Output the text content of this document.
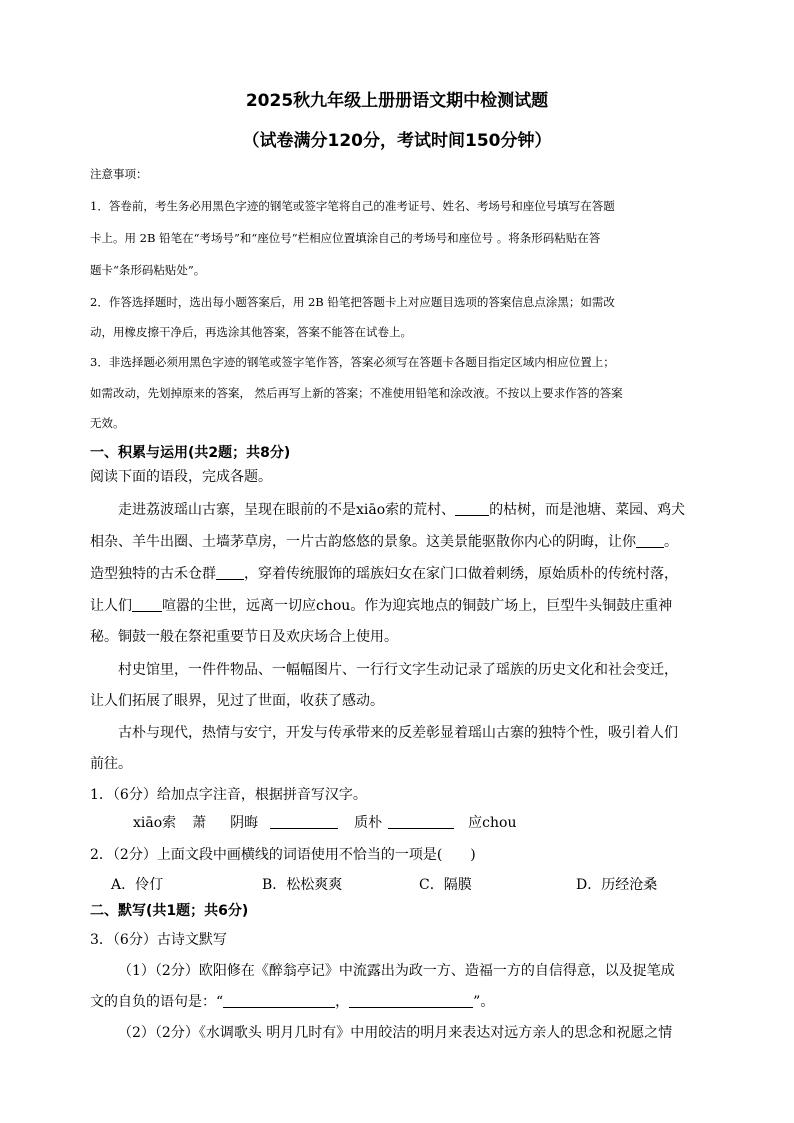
2025秋九年级上册册语文期中检测试题
（试卷满分120分，考试时间150分钟）
注意事项：
1．答卷前，考生务必用黑色字迹的钢笔或签字笔将自己的准考证号、姓名、考场号和座位号填写在答题
卡上。用 2B 铅笔在“考场号”和“座位号”栏相应位置填涂自己的考场号和座位号 。将条形码粘贴在答
题卡“条形码粘贴处”。
2．作答选择题时，选出每小题答案后，用 2B 铅笔把答题卡上对应题目选项的答案信息点涂黑；如需改
动，用橡皮擦干净后，再选涂其他答案，答案不能答在试卷上。
3．非选择题必须用黑色字迹的钢笔或签字笔作答，答案必须写在答题卡各题目指定区域内相应位置上；
如需改动，先划掉原来的答案， 然后再写上新的答案；不准使用铅笔和涂改液。不按以上要求作答的答案
无效。
一、积累与运用(共2题；共8分)
阅读下面的语段，完成各题。
走进荔波瑶山古寨，呈现在眼前的不是xiāo索的荒村、 的枯树，而是池塘、菜园、鸡犬
相杂、羊牛出圈、土墙茅草房，一片古韵悠悠的景象。这美景能驱散你内心的阴晦，让你 。
造型独特的古禾仓群 ，穿着传统服饰的瑶族妇女在家门口做着刺绣，原始质朴的传统村落，
让人们 喧嚣的尘世，远离一切应chou。作为迎宾地点的铜鼓广场上，巨型牛头铜鼓庄重神
秘。铜鼓一般在祭祀重要节日及欢庆场合上使用。
村史馆里，一件件物品、一幅幅图片、一行行文字生动记录了瑶族的历史文化和社会变迁，
让人们拓展了眼界，见过了世面，收获了感动。
古朴与现代，热情与安宁，开发与传承带来的反差彰显着瑶山古寨的独特个性，吸引着人们
前往。
1．（6分）给加点字注音，根据拼音写汉字。
xiāo索 萧 阴晦	质朴	应chou
2．（2分）上面文段中画横线的词语使用不恰当的一项是(　　)
A．伶仃	B．松松爽爽	C．隔膜	D．历经沧桑
二、默写(共1题；共6分)
3．（6分）古诗文默写
（1）（2分）欧阳修在《醉翁亭记》中流露出为政一方、造福一方的自信得意，以及捉笔成
文的自负的语句是：“	，	”。
（2）（2分）《水调歌头 明月几时有》中用皎洁的明月来表达对远方亲人的思念和祝愿之情
